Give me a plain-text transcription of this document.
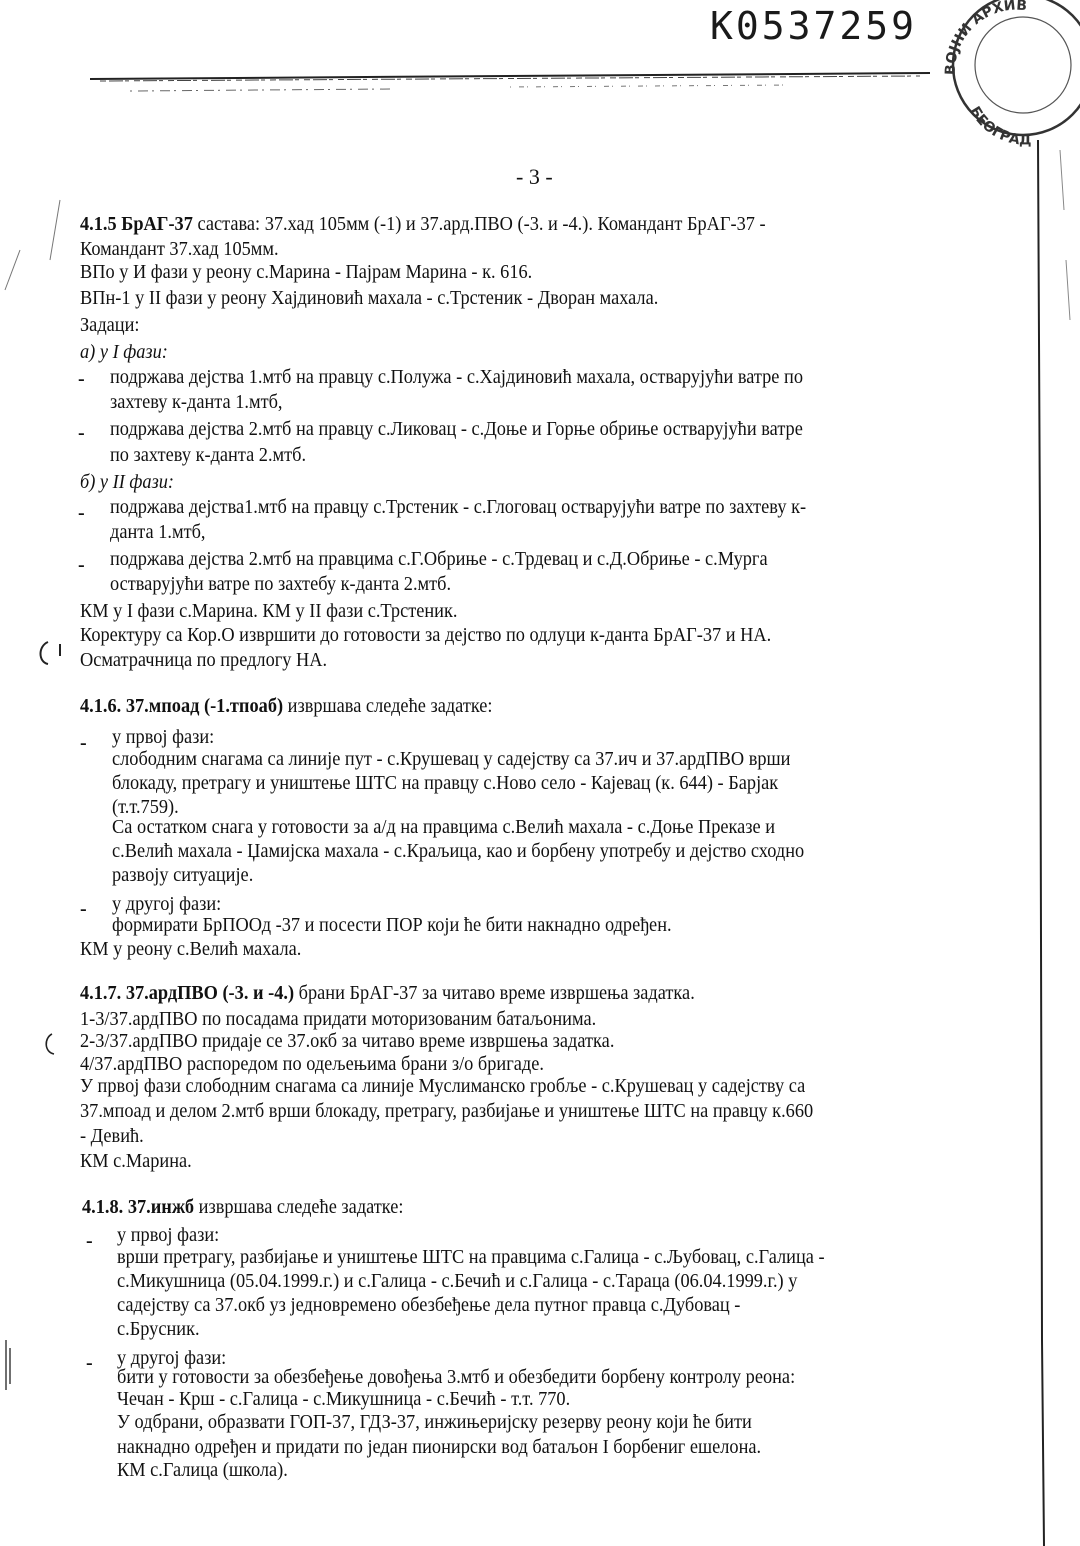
K0537259
ВОЈНИ АРХИВ
БЕОГРАД
- 3 -
4.1.5 БрАГ-37 састава: 37.хад 105мм (-1) и 37.ард.ПВО (-3. и -4.). Командант БрАГ-37 -
Командант 37.хад 105мм.
ВПо у И фази у реону с.Марина - Пајрам Марина - к. 616.
ВПн-1 у II фази у реону Хајдиновић махала - с.Трстеник - Дворан махала.
Задаци:
а) у I фази:
- подржава дејства 1.мтб на правцу с.Полужа - с.Хајдиновић махала, остварујући ватре по
захтеву к-данта 1.мтб,
- подржава дејства 2.мтб на правцу с.Ликовац - с.Доње и Горње обриње остварујући ватре
по захтеву к-данта 2.мтб.
б) у II фази:
- подржава дејства1.мтб на правцу с.Трстеник - с.Глоговац остварујући ватре по захтеву к-
данта 1.мтб,
- подржава дејства 2.мтб на правцима с.Г.Обриње - с.Трдевац и с.Д.Обриње - с.Мурга
остварујући ватре по захтебу к-данта 2.мтб.
КМ у I фази с.Марина. КМ у II фази с.Трстеник.
Коректуру са Кор.О извршити до готовости за дејство по одлуци к-данта БрАГ-37 и НА.
Осматрачница по предлогу НА.
4.1.6. 37.мпоад (-1.тпоаб) извршава следеће задатке:
- у првој фази:
слободним снагама са линије пут - с.Крушевац у садејству са 37.ич и 37.ардПВО врши
блокаду, претрагу и уништење ШТС на правцу с.Ново село - Кајевац (к. 644) - Барјак
(т.т.759).
Са остатком снага у готовости за а/д на правцима с.Велић махала - с.Доње Преказе и
с.Велић махала - Џамијска махала - с.Краљица, као и борбену употребу и дејство сходно
развоју ситуације.
- у другој фази:
формирати БрПООд -37 и посести ПОР који ће бити накнадно одређен.
КМ у реону с.Велић махала.
4.1.7. 37.ардПВО (-3. и -4.) брани БрАГ-37 за читаво време извршења задатка.
1-3/37.ардПВО по посадама придати моторизованим батаљонима.
2-3/37.ардПВО придаје се 37.окб за читаво време извршења задатка.
4/37.ардПВО распоредом по одељењима брани з/о бригаде.
У првој фази слободним снагама са линије Муслиманско гробље - с.Крушевац у садејству са
37.мпоад и делом 2.мтб врши блокаду, претрагу, разбијање и уништење ШТС на правцу к.660
- Девић.
КМ с.Марина.
4.1.8. 37.инжб извршава следеће задатке:
- у првој фази:
врши претрагу, разбијање и уништење ШТС на правцима с.Галица - с.Љубовац, с.Галица -
с.Микушница (05.04.1999.г.) и с.Галица - с.Бечић и с.Галица - с.Тараца (06.04.1999.г.) у
садејству са 37.окб уз једновремено обезбеђење дела путног правца с.Дубовац -
с.Брусник.
- у другој фази:
бити у готовости за обезбеђење довођења 3.мтб и обезбедити борбену контролу реона:
Чечан - Крш - с.Галица - с.Микушница - с.Бечић - т.т. 770.
У одбрани, образвати ГОП-37, ГДЗ-37, инжињеријску резерву реону који ће бити
накнадно одређен и придати по један пионирски вод батаљон I борбениг ешелона.
КМ с.Галица (школа).
